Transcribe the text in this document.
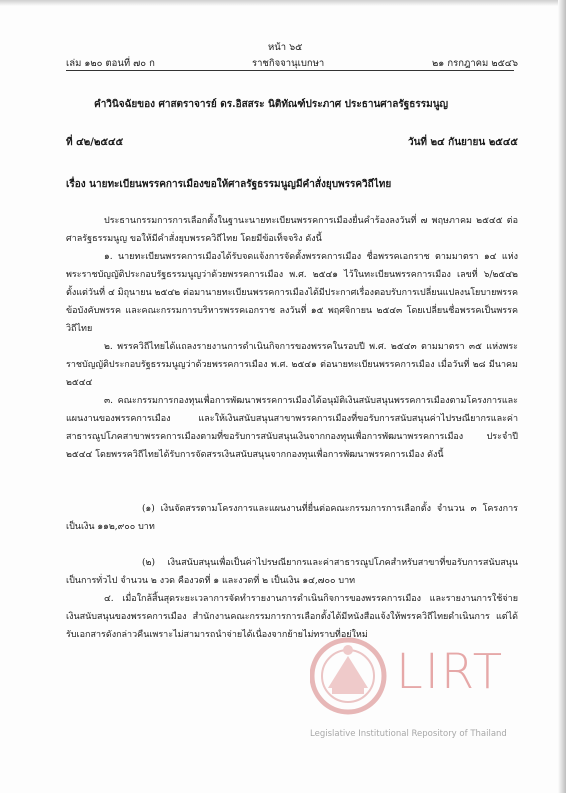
หน้า ๖๕
เล่ม ๑๒๐ ตอนที่ ๗๐ ก	ราชกิจจานุเบกษา	๒๑ กรกฎาคม ๒๕๔๖
คำวินิจฉัยของ ศาสตราจารย์ ดร.อิสสระ นิติทัณฑ์ประภาศ ประธานศาลรัฐธรรมนูญ
ที่ ๔๒/๒๕๔๕	วันที่ ๒๔ กันยายน ๒๕๔๕
เรื่อง นายทะเบียนพรรคการเมืองขอให้ศาลรัฐธรรมนูญมีคำสั่งยุบพรรควิถีไทย
ประธานกรรมการการเลือกตั้งในฐานะนายทะเบียนพรรคการเมืองยื่นคำร้องลงวันที่ ๗ พฤษภาคม ๒๕๔๕ ต่อศาลรัฐธรรมนูญ ขอให้มีคำสั่งยุบพรรควิถีไทย โดยมีข้อเท็จจริง ดังนี้
๑. นายทะเบียนพรรคการเมืองได้รับจดแจ้งการจัดตั้งพรรคการเมือง ชื่อพรรคเอกราช ตามมาตรา ๑๔ แห่งพระราชบัญญัติประกอบรัฐธรรมนูญว่าด้วยพรรคการเมือง พ.ศ. ๒๕๔๑ ไว้ในทะเบียนพรรคการเมือง เลขที่ ๖/๒๕๔๒ ตั้งแต่วันที่ ๔ มิถุนายน ๒๕๔๒ ต่อมานายทะเบียนพรรคการเมืองได้มีประกาศเรื่องตอบรับการเปลี่ยนแปลงนโยบายพรรค ข้อบังคับพรรค และคณะกรรมการบริหารพรรคเอกราช ลงวันที่ ๑๕ พฤศจิกายน ๒๕๔๓ โดยเปลี่ยนชื่อพรรคเป็นพรรควิถีไทย
๒. พรรควิถีไทยได้แถลงรายงานการดำเนินกิจการของพรรคในรอบปี พ.ศ. ๒๕๔๓ ตามมาตรา ๓๕ แห่งพระราชบัญญัติประกอบรัฐธรรมนูญว่าด้วยพรรคการเมือง พ.ศ. ๒๕๔๑ ต่อนายทะเบียนพรรคการเมือง เมื่อวันที่ ๒๘ มีนาคม ๒๕๔๔
๓. คณะกรรมการกองทุนเพื่อการพัฒนาพรรคการเมืองได้อนุมัติเงินสนับสนุนพรรคการเมืองตามโครงการและแผนงานของพรรคการเมือง และให้เงินสนับสนุนสาขาพรรคการเมืองที่ขอรับการสนับสนุนค่าไปรษณียากรและค่าสาธารณูปโภคสาขาพรรคการเมืองตามที่ขอรับการสนับสนุนเงินจากกองทุนเพื่อการพัฒนาพรรคการเมือง ประจำปี ๒๕๔๔ โดยพรรควิถีไทยได้รับการจัดสรรเงินสนับสนุนจากกองทุนเพื่อการพัฒนาพรรคการเมือง ดังนี้
(๑) เงินจัดสรรตามโครงการและแผนงานที่ยื่นต่อคณะกรรมการการเลือกตั้ง จำนวน ๓ โครงการ เป็นเงิน ๑๑๒,๙๐๐ บาท
(๒) เงินสนับสนุนเพื่อเป็นค่าไปรษณียากรและค่าสาธารณูปโภคสำหรับสาขาที่ขอรับการสนับสนุนเป็นการทั่วไป จำนวน ๒ งวด คืองวดที่ ๑ และงวดที่ ๒ เป็นเงิน ๑๔,๗๐๐ บาท
๔. เมื่อใกล้สิ้นสุดระยะเวลาการจัดทำรายงานการดำเนินกิจการของพรรคการเมือง และรายงานการใช้จ่ายเงินสนับสนุนของพรรคการเมือง สำนักงานคณะกรรมการการเลือกตั้งได้มีหนังสือแจ้งให้พรรควิถีไทยดำเนินการ แต่ได้รับเอกสารดังกล่าวคืนเพราะไม่สามารถนำจ่ายได้เนื่องจากย้ายไม่ทราบที่อยู่ใหม่
LIRT
Legislative Institutional Repository of Thailand
